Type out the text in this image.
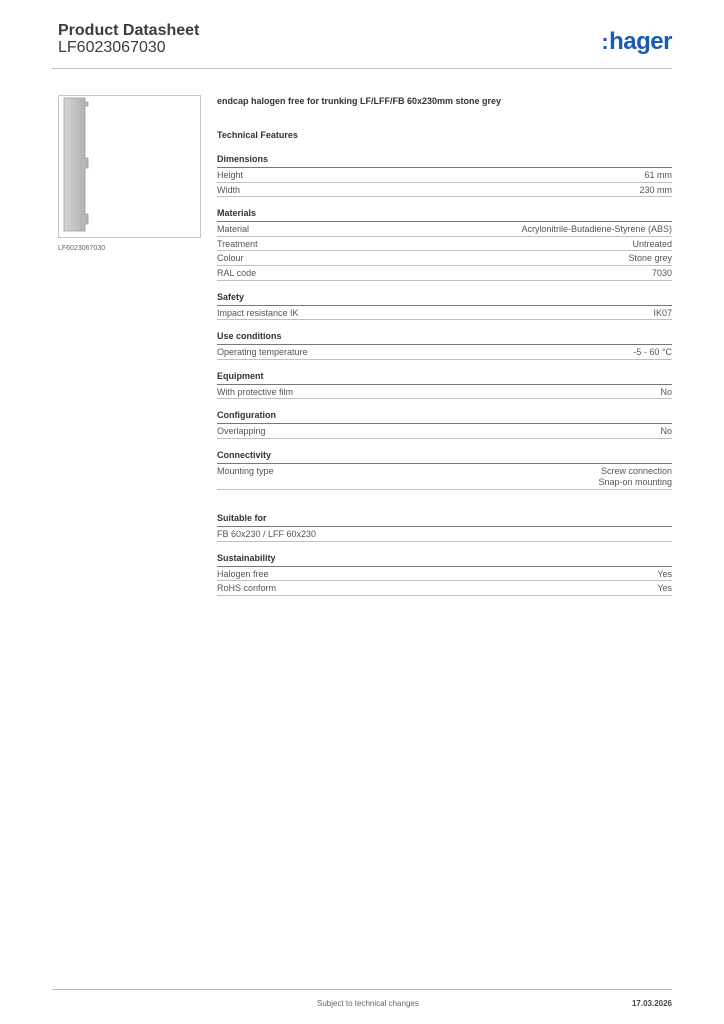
Product Datasheet
LF6023067030	:hager
LF6023067030
endcap halogen free for trunking LF/LFF/FB 60x230mm stone grey
Technical Features
Dimensions
Height	61 mm
Width	230 mm
Materials
Material	Acrylonitrile-Butadiene-Styrene (ABS)
Treatment	Untreated
Colour	Stone grey
RAL code	7030
Safety
Impact resistance IK	IK07
Use conditions
Operating temperature	-5 - 60 °C
Equipment
With protective film	No
Configuration
Overlapping	No
Connectivity
Mounting type	Screw connection
Snap-on mounting
Suitable for
FB 60x230 / LFF 60x230
Sustainability
Halogen free	Yes
RoHS conform	Yes
Subject to technical changes	17.03.2026
